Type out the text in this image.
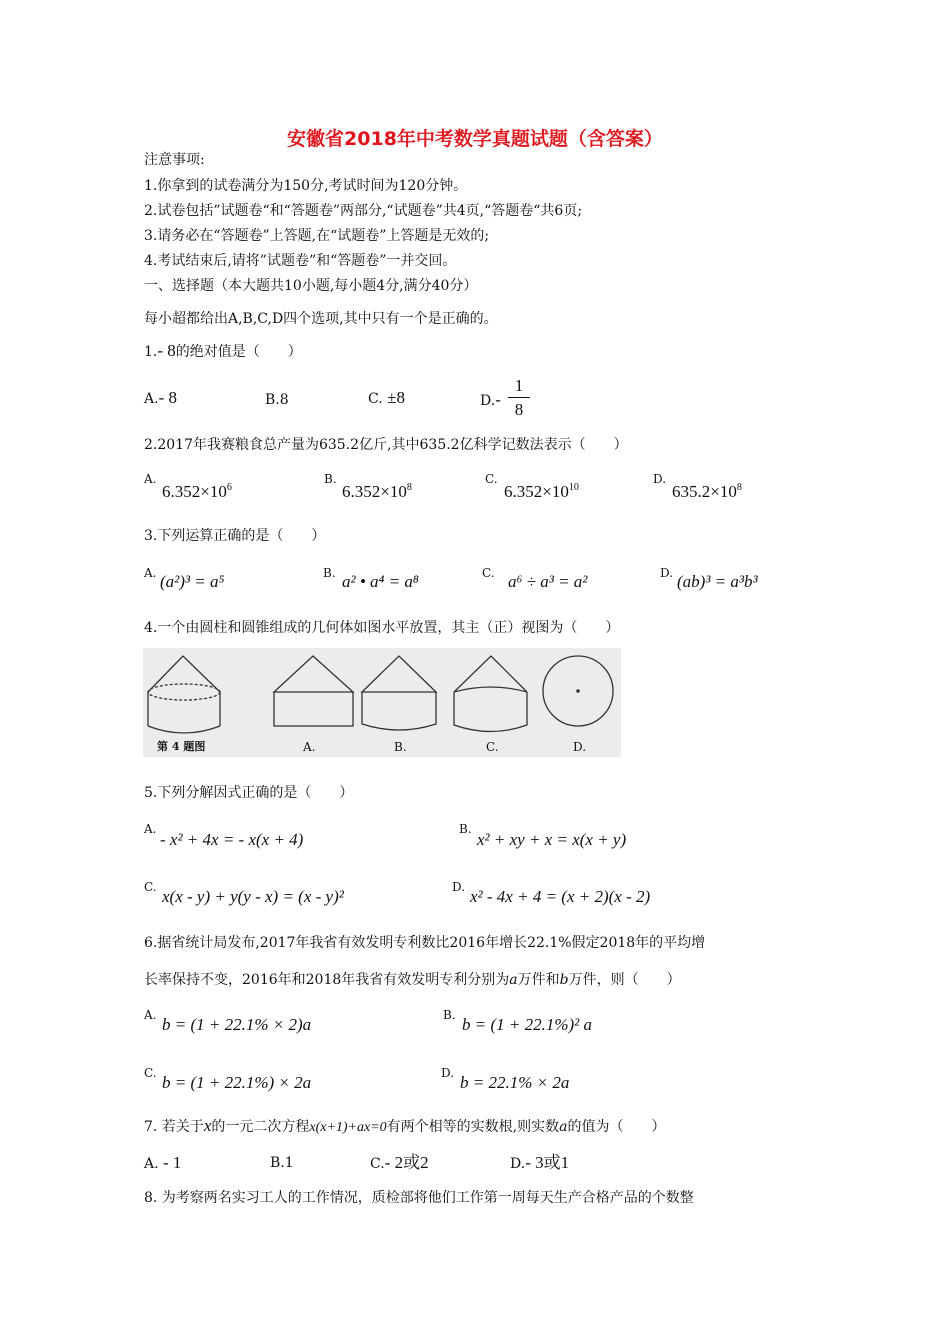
安徽省2018年中考数学真题试题（含答案）
注意事项:
1.你拿到的试卷满分为150分,考试时间为120分钟。
2.试卷包括”试题卷“和“答题卷”两部分,“试题卷”共4页,“答题卷“共6页;
3.请务必在“答题卷”上答题,在“试题卷”上答题是无效的;
4.考试结束后,请将”试题卷”和“答题卷”一并交回。
一、选择题（本大题共10小题,每小题4分,满分40分）
每小超都给出A,B,C,D四个选项,其中只有一个是正确的。
1.- 8的绝对值是（　　）
A.- 8	B.8	C. ±8	D.-
1
8
2.2017年我赛粮食总产量为635.2亿斤,其中635.2亿科学记数法表示（　　）
A.
$6.352\times 10^6$
B.
$6.352\times 10^8$
C.
$6.352\times 10^{10}$
D.
$635.2\times 10^8$
3.下列运算正确的是（　　）
A. (a²)³ = a⁵	B. a² • a⁴ = a⁸	C. a⁶ ÷ a³ = a²	D. (ab)³ = a³b³
4.一个由圆柱和圆锥组成的几何体如图水平放置，其主（正）视图为（　　）
第 4 题图	A.	B.	C.	D.
5.下列分解因式正确的是（　　）
A.
- x² + 4x = - x(x + 4)
B.
x² + xy + x = x(x + y)
C. x(x - y) + y(y - x) = (x - y)²	D. x² - 4x + 4 = (x + 2)(x - 2)
6.据省统计局发布,2017年我省有效发明专利数比2016年增长22.1%假定2018年的平均增
长率保持不变，2016年和2018年我省有效发明专利分别为a万件和b万件，则（　　）
A. b = (1 + 22.1% × 2)a	B. b = (1 + 22.1%)² a
C. b = (1 + 22.1%) × 2a	D. b = 22.1% × 2a
7. 若关于x的一元二次方程x(x+1)+ax=0有两个相等的实数根,则实数a的值为（　　）
A. - 1	B.1	C.- 2或2	D.- 3或1
8. 为考察两名实习工人的工作情况，质检部将他们工作第一周每天生产合格产品的个数整
